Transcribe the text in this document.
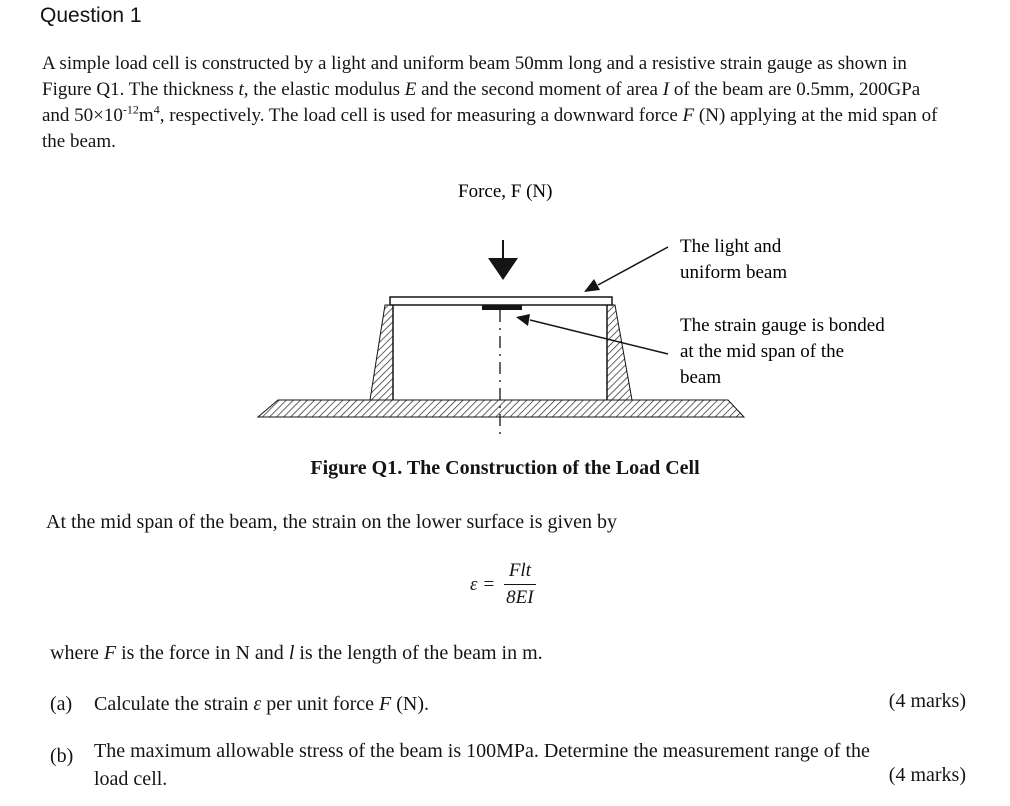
Question 1
A simple load cell is constructed by a light and uniform beam 50mm long and a resistive strain gauge as shown in Figure Q1. The thickness t, the elastic modulus E and the second moment of area I of the beam are 0.5mm, 200GPa and $50\times 10^{-12}m^4$, respectively. The load cell is used for measuring a downward force F (N) applying at the mid span of the beam.
Force, F (N)
The light and
uniform beam
The strain gauge is bonded
at the mid span of the
beam
Figure Q1. The Construction of the Load Cell
At the mid span of the beam, the strain on the lower surface is given by
$\varepsilon = \frac{\text{Flt}}{8EI}$
where F is the force in N and l is the length of the beam in m.
(a) Calculate the strain ε per unit force F (N).	(4 marks)
(b) The maximum allowable stress of the beam is 100MPa. Determine the measurement range of the
load cell.	(4 marks)
